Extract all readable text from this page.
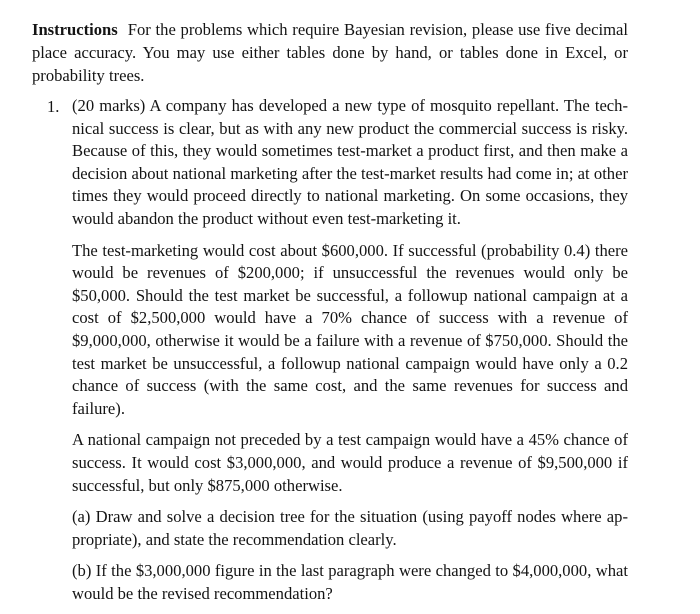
Instructions For the problems which require Bayesian revision, please use five decimal place accuracy. You may use either tables done by hand, or tables done in Excel, or probability trees.
1. (20 marks) A company has developed a new type of mosquito repellant. The technical success is clear, but as with any new product the commercial success is risky. Because of this, they would sometimes test-market a product first, and then make a decision about national marketing after the test-market results had come in; at other times they would proceed directly to national marketing. On some occasions, they would abandon the product without even test-marketing it.

The test-marketing would cost about $600,000. If successful (probability 0.4) there would be revenues of $200,000; if unsuccessful the revenues would only be $50,000. Should the test market be successful, a followup national campaign at a cost of $2,500,000 would have a 70% chance of success with a revenue of $9,000,000, otherwise it would be a failure with a revenue of $750,000. Should the test market be unsuccessful, a followup national campaign would have only a 0.2 chance of success (with the same cost, and the same revenues for success and failure).

A national campaign not preceded by a test campaign would have a 45% chance of success. It would cost $3,000,000, and would produce a revenue of $9,500,000 if successful, but only $875,000 otherwise.

(a) Draw and solve a decision tree for the situation (using payoff nodes where appropriate), and state the recommendation clearly.

(b) If the $3,000,000 figure in the last paragraph were changed to $4,000,000, what would be the revised recommendation?
